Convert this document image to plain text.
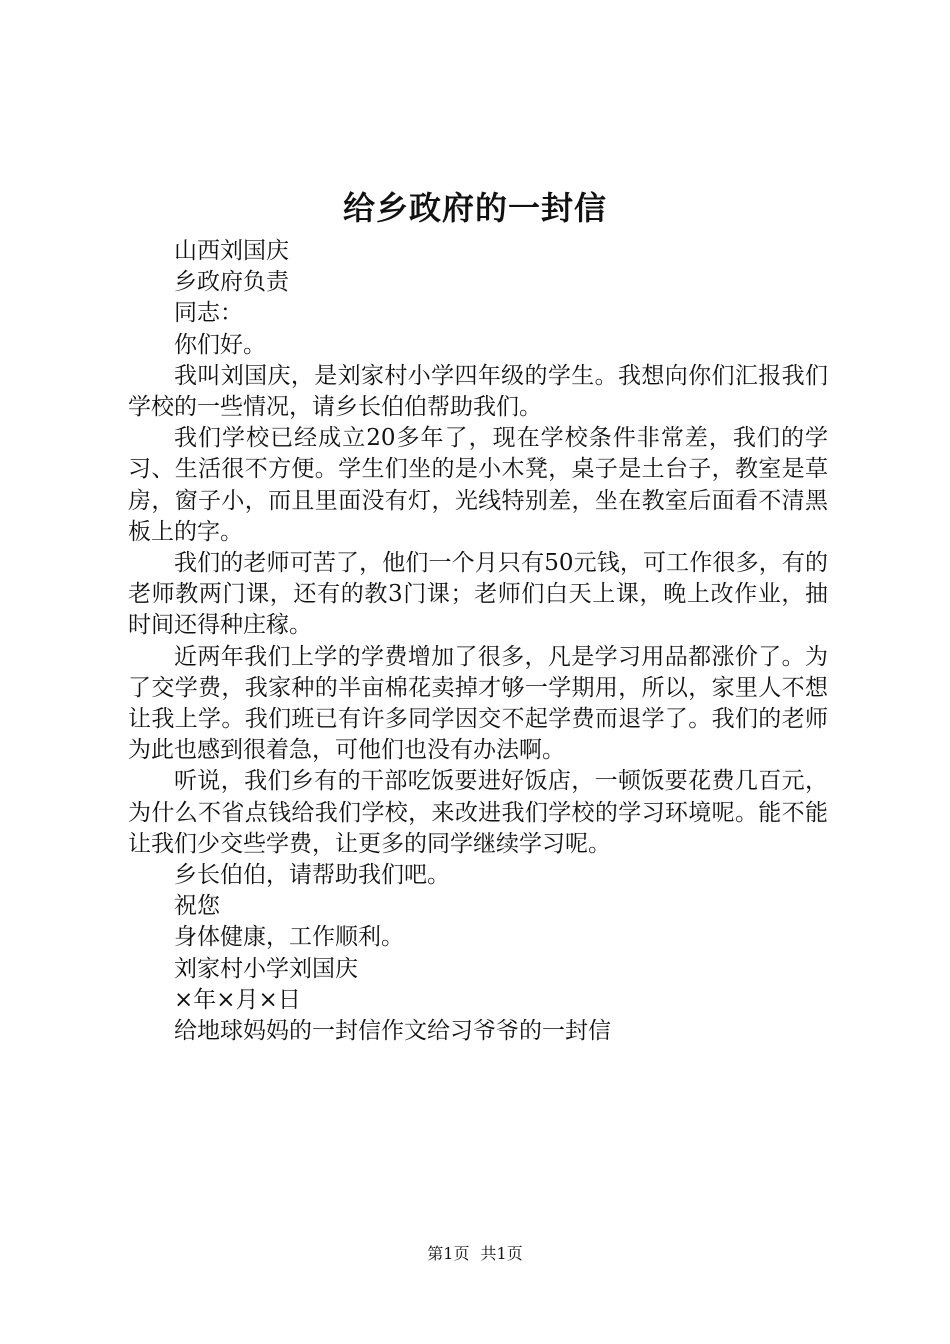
给乡政府的一封信

山西刘国庆

乡政府负责

同志：

你们好。

我叫刘国庆，是刘家村小学四年级的学生。我想向你们汇报我们学校的一些情况，请乡长伯伯帮助我们。

我们学校已经成立20多年了，现在学校条件非常差，我们的学习、生活很不方便。学生们坐的是小木凳，桌子是土台子，教室是草房，窗子小，而且里面没有灯，光线特别差，坐在教室后面看不清黑板上的字。

我们的老师可苦了，他们一个月只有50元钱，可工作很多，有的老师教两门课，还有的教3门课；老师们白天上课，晚上改作业，抽时间还得种庄稼。

近两年我们上学的学费增加了很多，凡是学习用品都涨价了。为了交学费，我家种的半亩棉花卖掉才够一学期用，所以，家里人不想让我上学。我们班已有许多同学因交不起学费而退学了。我们的老师为此也感到很着急，可他们也没有办法啊。

听说，我们乡有的干部吃饭要进好饭店，一顿饭要花费几百元，为什么不省点钱给我们学校，来改进我们学校的学习环境呢。能不能让我们少交些学费，让更多的同学继续学习呢。

乡长伯伯，请帮助我们吧。

祝您

身体健康，工作顺利。

刘家村小学刘国庆

×年×月×日

给地球妈妈的一封信作文给习爷爷的一封信

第1页 共1页
